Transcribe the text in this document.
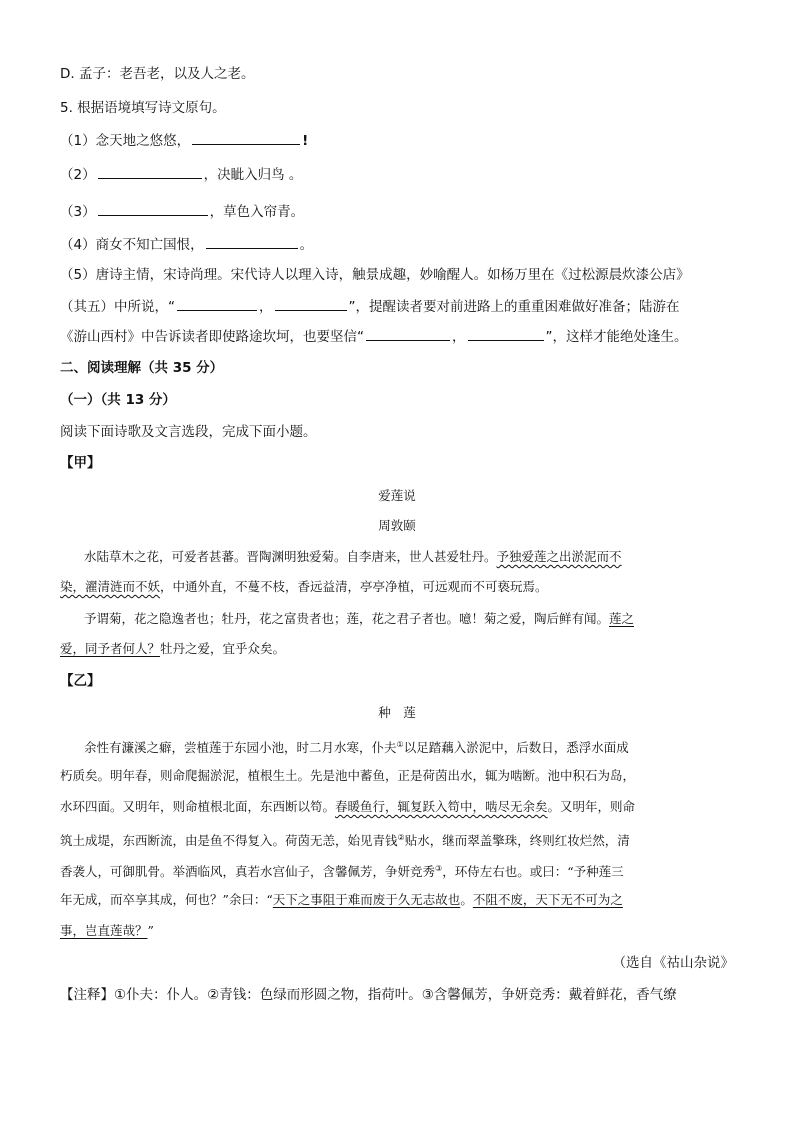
D. 孟子：老吾老，以及人之老。
5. 根据语境填写诗文原句。
（1）念天地之悠悠，	!
（2）	，决眦入归鸟 。
（3）	，草色入帘青。
（4）商女不知亡国恨，	。
（5）唐诗主情，宋诗尚理。宋代诗人以理入诗，触景成趣，妙喻醒人。如杨万里在《过松源晨炊漆公店》
（其五）中所说，“	，	”，提醒读者要对前进路上的重重困难做好准备；陆游在
《游山西村》中告诉读者即使路途坎坷，也要坚信“	，	”，这样才能绝处逢生。
二、阅读理解（共 35 分）
（一）（共 13 分）
阅读下面诗歌及文言选段，完成下面小题。
【甲】
爱莲说
周敦颐
水陆草木之花，可爱者甚蕃。晋陶渊明独爱菊。自李唐来，世人甚爱牡丹。予独爱莲之出淤泥而不
染，濯清涟而不妖，中通外直，不蔓不枝，香远益清，亭亭净植，可远观而不可亵玩焉。
予谓菊，花之隐逸者也；牡丹，花之富贵者也；莲，花之君子者也。噫！菊之爱，陶后鲜有闻。莲之
爱，同予者何人？牡丹之爱，宜乎众矣。
【乙】
种　莲
余性有濂溪之癖，尝植莲于东园小池，时二月水寒，仆夫①以足踏藕入淤泥中，后数日，悉浮水面成
朽质矣。明年春，则命爬掘淤泥，植根生土。先是池中蓄鱼，正是荷茵出水，辄为啮断。池中积石为岛，
水环四面。又明年，则命植根北面，东西断以笱。春暖鱼行，辄复跃入笱中，啮尽无余矣。又明年，则命
筑土成堤，东西断流，由是鱼不得复入。荷茵无恙，始见青钱②贴水，继而翠盖擎珠，终则红妆烂然，清
香袭人，可御肌骨。举酒临风，真若水宫仙子，含馨佩芳，争妍竞秀③，环侍左右也。或曰：“予种莲三
年无成，而卒享其成，何也？”余曰：“天下之事阻于难而废于久无志故也。不阻不废，天下无不可为之
事，岂直莲哉？”
（选自《祜山杂说》
【注释】①仆夫：仆人。②青钱：色绿而形圆之物，指荷叶。③含馨佩芳，争妍竞秀：戴着鲜花，香气缭
